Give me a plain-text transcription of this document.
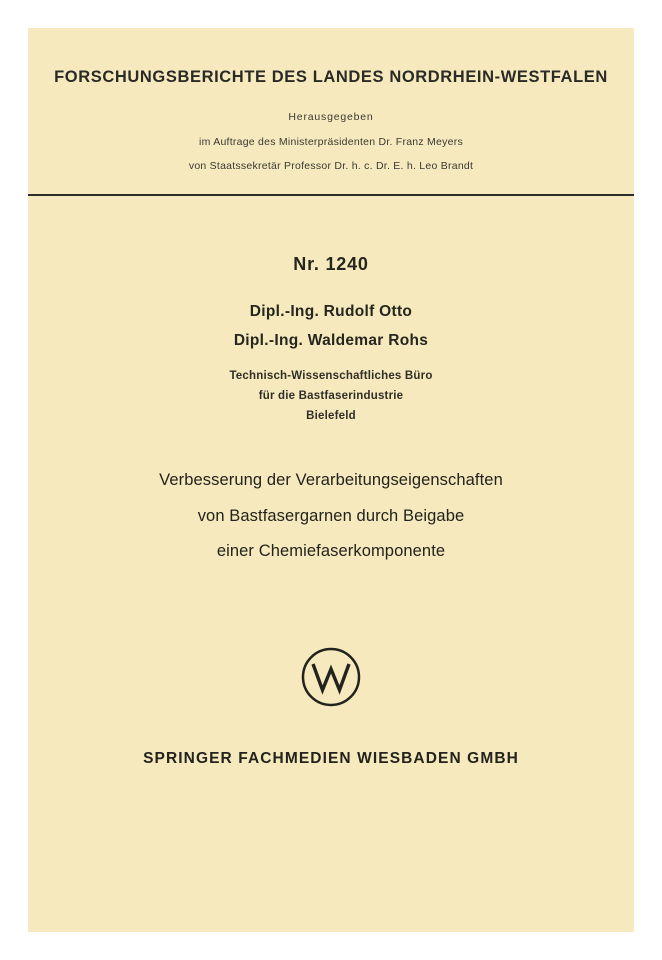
FORSCHUNGSBERICHTE DES LANDES NORDRHEIN-WESTFALEN
Herausgegeben
im Auftrage des Ministerpräsidenten Dr. Franz Meyers
von Staatssekretär Professor Dr. h. c. Dr. E. h. Leo Brandt
Nr. 1240
Dipl.-Ing. Rudolf Otto
Dipl.-Ing. Waldemar Rohs
Technisch-Wissenschaftliches Büro
für die Bastfaserindustrie
Bielefeld
Verbesserung der Verarbeitungseigenschaften
von Bastfasergarnen durch Beigabe
einer Chemiefaserkomponente
SPRINGER FACHMEDIEN WIESBADEN GMBH
